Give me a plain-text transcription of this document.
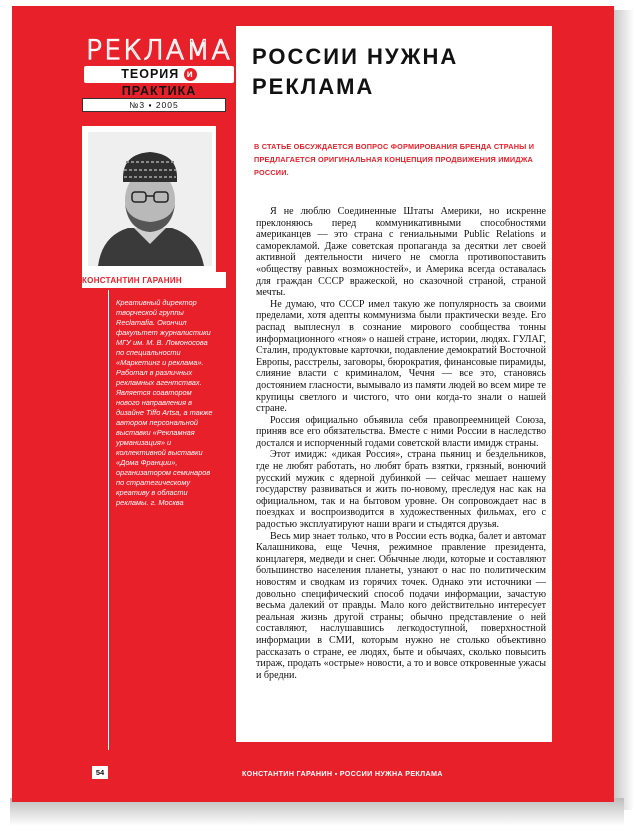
РЕКЛАМА
ТЕОРИЯ и ПРАКТИКА
№3 ▪ 2005
КОНСТАНТИН ГАРАНИН
Креативный директор творческой группы Reclamafia. Окончил факультет журналистики МГУ им. М. В. Ломоносова по специальности «Маркетинг и реклама». Работал в различных рекламных агентствах. Является соавтором нового направления в дизайне Tiffo Artsa, а также автором персональной выставки «Рекламная урманизация» и коллективной выставки «Дома Франции», организатором семинаров по стратегическому креативу в области рекламы. г. Москва
РОССИИ НУЖНА
РЕКЛАМА
В СТАТЬЕ ОБСУЖДАЕТСЯ ВОПРОС ФОРМИРОВАНИЯ БРЕНДА СТРАНЫ И ПРЕДЛАГАЕТСЯ ОРИГИНАЛЬНАЯ КОНЦЕПЦИЯ ПРОДВИЖЕНИЯ ИМИДЖА РОССИИ.

Я не люблю Соединенные Штаты Америки, но искренне преклоняюсь перед коммуникативными способностями американцев — это страна с гениальными Public Relations и саморекламой. Даже советская пропаганда за десятки лет своей активной деятельности ничего не смогла противопоставить «обществу равных возможностей», и Америка всегда оставалась для граждан СССР вражеской, но сказочной страной, страной мечты.

Не думаю, что СССР имел такую же популярность за своими пределами, хотя адепты коммунизма были практически везде. Его распад выплеснул в сознание мирового сообщества тонны информационного «гноя» о нашей стране, истории, людях. ГУЛАГ, Сталин, продуктовые карточки, подавление демократий Восточной Европы, расстрелы, заговоры, бюрократия, финансовые пирамиды, слияние власти с криминалом, Чечня — все это, становясь достоянием гласности, вымывало из памяти людей во всем мире те крупицы светлого и чистого, что они когда-то знали о нашей стране.

Россия официально объявила себя правопреемницей Союза, приняв все его обязательства. Вместе с ними России в наследство достался и испорченный годами советской власти имидж страны.

Этот имидж: «дикая Россия», страна пьяниц и бездельников, где не любят работать, но любят брать взятки, грязный, вонючий русский мужик с ядерной дубинкой — сейчас мешает нашему государству развиваться и жить по-новому, преследуя нас как на официальном, так и на бытовом уровне. Он сопровождает нас в поездках и воспроизводится в художественных фильмах, его с радостью эксплуатируют наши враги и стыдятся друзья.

Весь мир знает только, что в России есть водка, балет и автомат Калашникова, еще Чечня, режимное правление президента, концлагеря, медведи и снег. Обычные люди, которые и составляют большинство населения планеты, узнают о нас по политическим новостям и сводкам из горячих точек. Однако эти источники — довольно специфический способ подачи информации, зачастую весьма далекий от правды. Мало кого действительно интересует реальная жизнь другой страны; обычно представление о ней составляют, наслушавшись легкодоступной, поверхностной информации в СМИ, которым нужно не столько объективно рассказать о стране, ее людях, быте и обычаях, сколько повысить тираж, продать «острые» новости, а то и вовсе откровенные ужасы и бредни.

54	КОНСТАНТИН ГАРАНИН ▪ РОССИИ НУЖНА РЕКЛАМА
